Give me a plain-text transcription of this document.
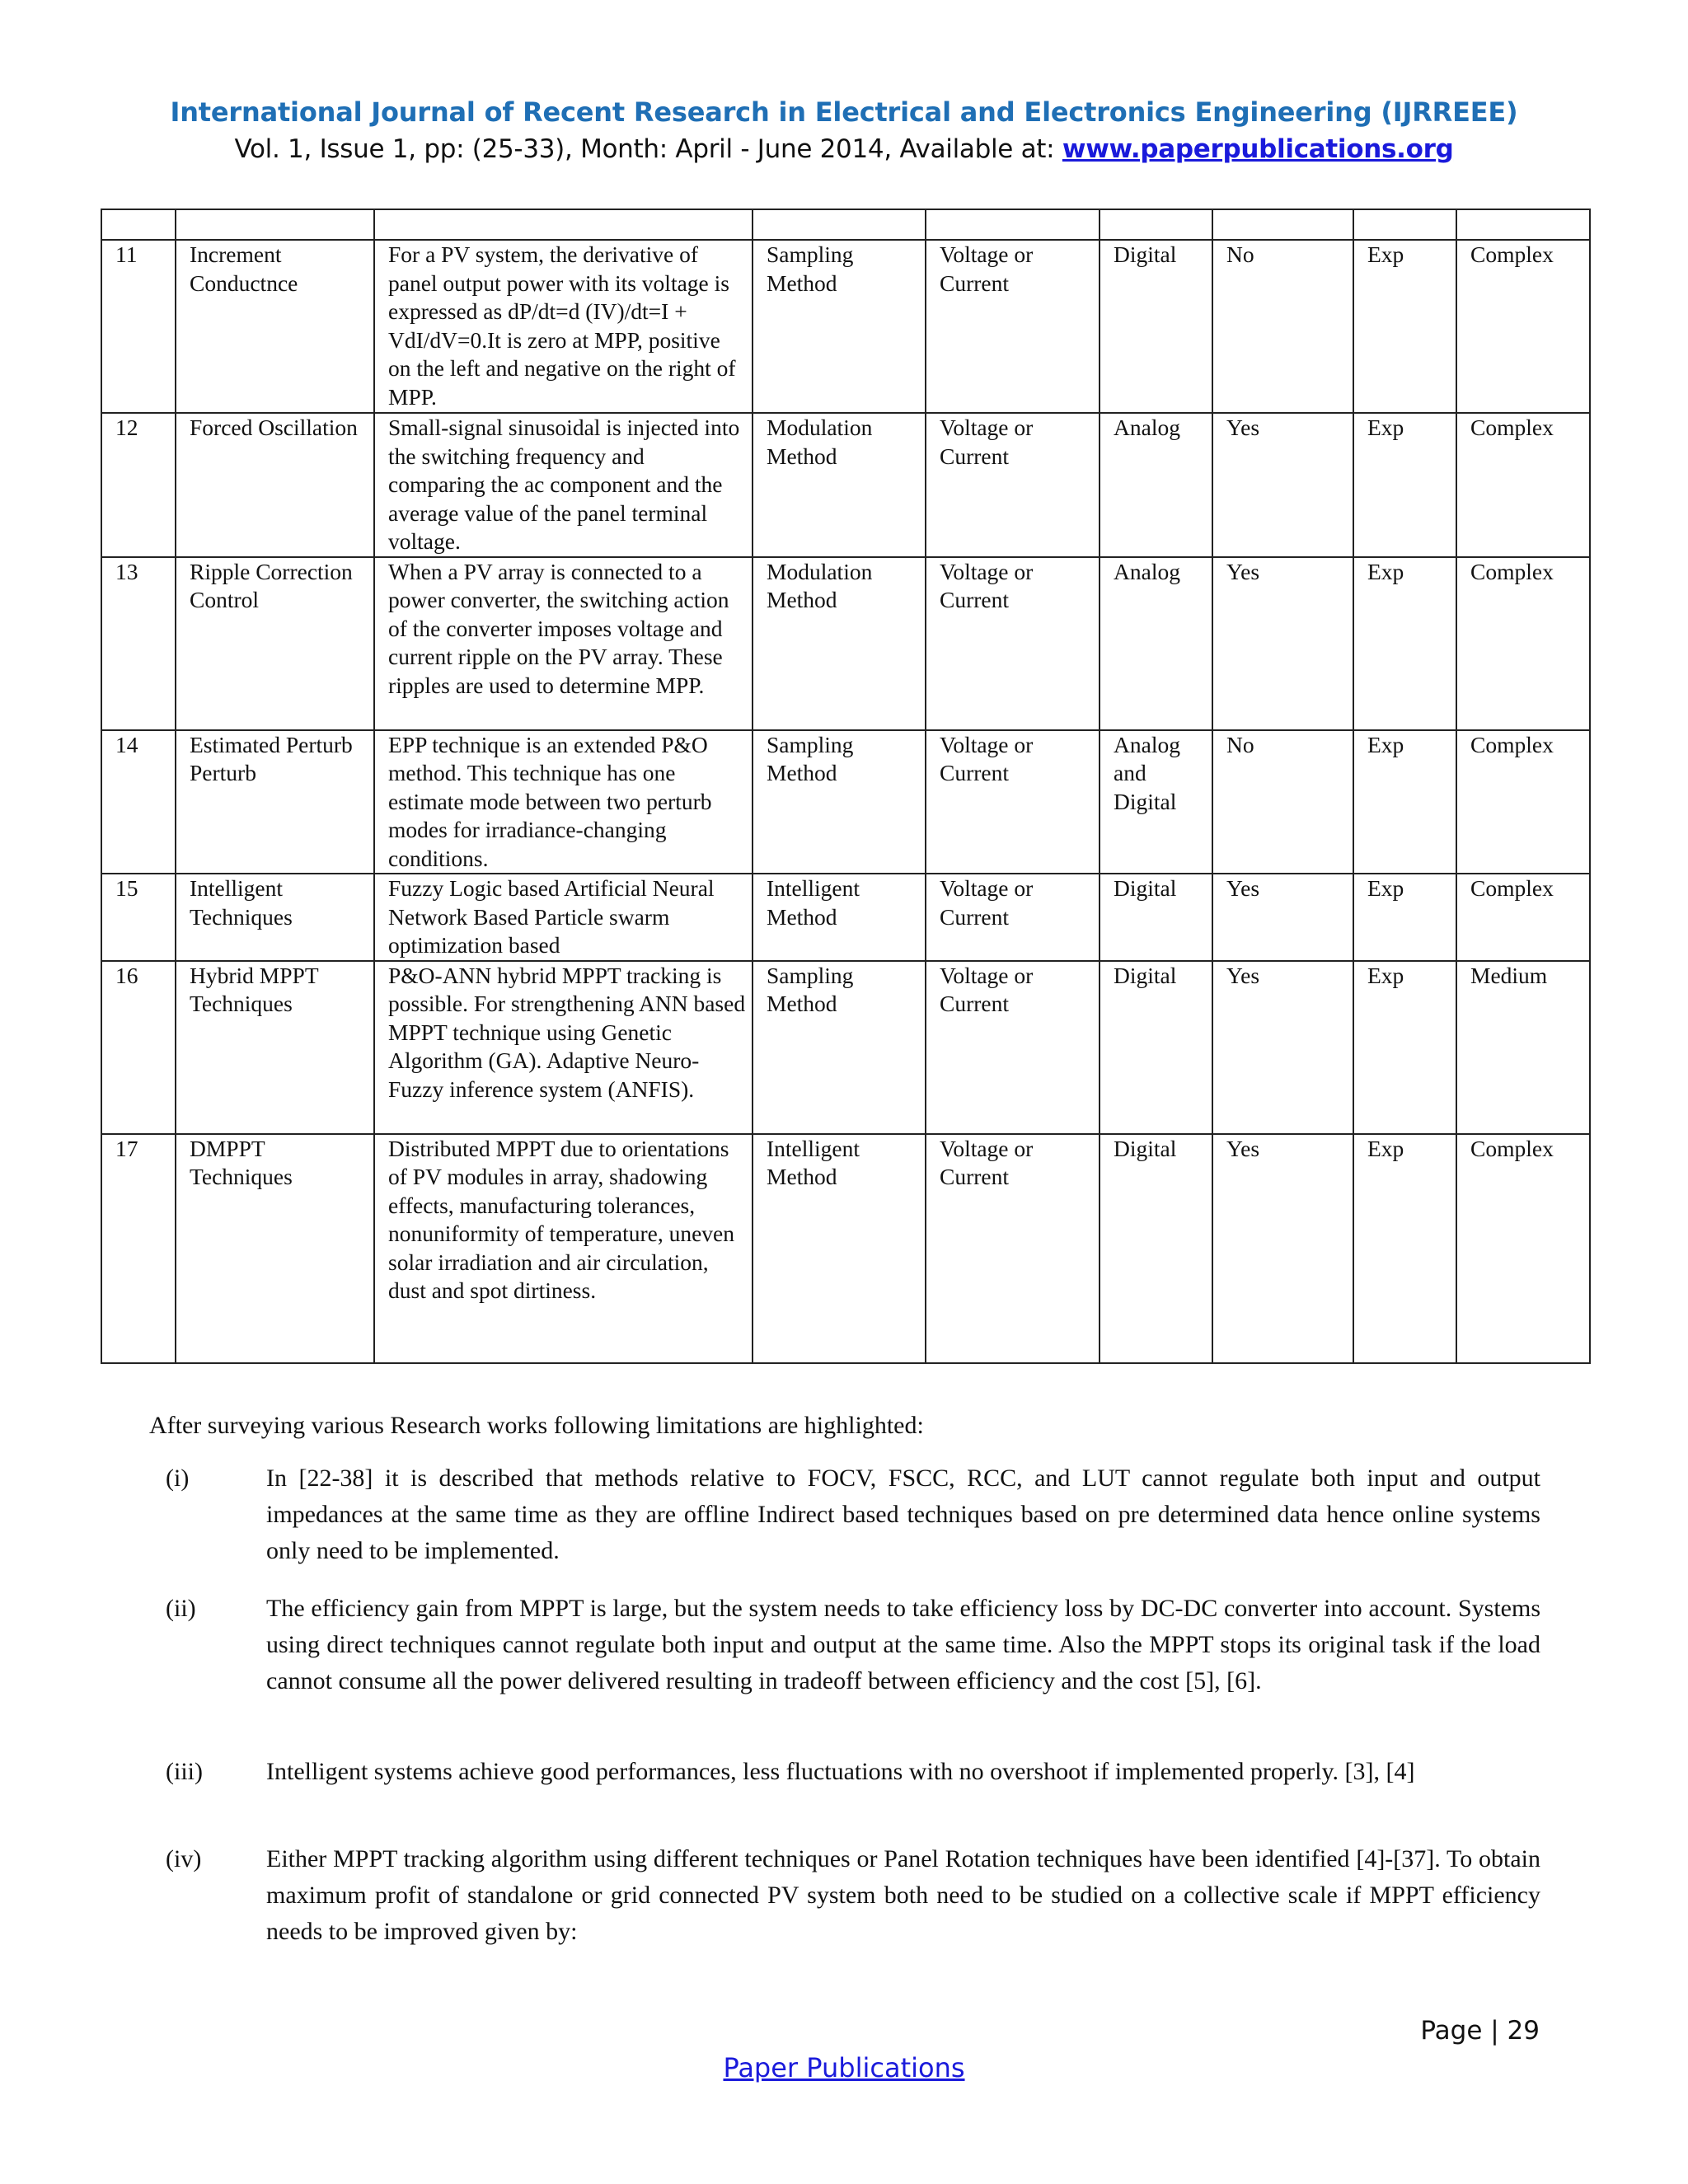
International Journal of Recent Research in Electrical and Electronics Engineering (IJRREEE)
Vol. 1, Issue 1, pp: (25-33), Month: April - June 2014, Available at: www.paperpublications.org

11	Increment Conductnce	For a PV system, the derivative of panel output power with its voltage is expressed as dP/dt=d (IV)/dt=I + VdI/dV=0.It is zero at MPP, positive on the left and negative on the right of MPP.	Sampling Method	Voltage or Current	Digital	No	Exp	Complex
12	Forced Oscillation	Small-signal sinusoidal is injected into the switching frequency and comparing the ac component and the average value of the panel terminal voltage.	Modulation Method	Voltage or Current	Analog	Yes	Exp	Complex
13	Ripple Correction Control	When a PV array is connected to a power converter, the switching action of the converter imposes voltage and current ripple on the PV array. These ripples are used to determine MPP.	Modulation Method	Voltage or Current	Analog	Yes	Exp	Complex
14	Estimated Perturb Perturb	EPP technique is an extended P&O method. This technique has one estimate mode between two perturb modes for irradiance-changing conditions.	Sampling Method	Voltage or Current	Analog and Digital	No	Exp	Complex
15	Intelligent Techniques	Fuzzy Logic based Artificial Neural Network Based Particle swarm optimization based	Intelligent Method	Voltage or Current	Digital	Yes	Exp	Complex
16	Hybrid MPPT Techniques	P&O-ANN hybrid MPPT tracking is possible. For strengthening ANN based MPPT technique using Genetic Algorithm (GA). Adaptive Neuro-Fuzzy inference system (ANFIS).	Sampling Method	Voltage or Current	Digital	Yes	Exp	Medium
17	DMPPT Techniques	Distributed MPPT due to orientations of PV modules in array, shadowing effects, manufacturing tolerances, nonuniformity of temperature, uneven solar irradiation and air circulation, dust and spot dirtiness.	Intelligent Method	Voltage or Current	Digital	Yes	Exp	Complex
After surveying various Research works following limitations are highlighted:
(i)	In [22-38] it is described that methods relative to FOCV, FSCC, RCC, and LUT cannot regulate both input and output impedances at the same time as they are offline Indirect based techniques based on pre determined data hence online systems only need to be implemented.
(ii)	The efficiency gain from MPPT is large, but the system needs to take efficiency loss by DC-DC converter into account. Systems using direct techniques cannot regulate both input and output at the same time. Also the MPPT stops its original task if the load cannot consume all the power delivered resulting in tradeoff between efficiency and the cost [5], [6].
(iii)	Intelligent systems achieve good performances, less fluctuations with no overshoot if implemented properly. [3], [4]
(iv)	Either MPPT tracking algorithm using different techniques or Panel Rotation techniques have been identified [4]-[37]. To obtain maximum profit of standalone or grid connected PV system both need to be studied on a collective scale if MPPT efficiency needs to be improved given by:
Page | 29
Paper Publications
